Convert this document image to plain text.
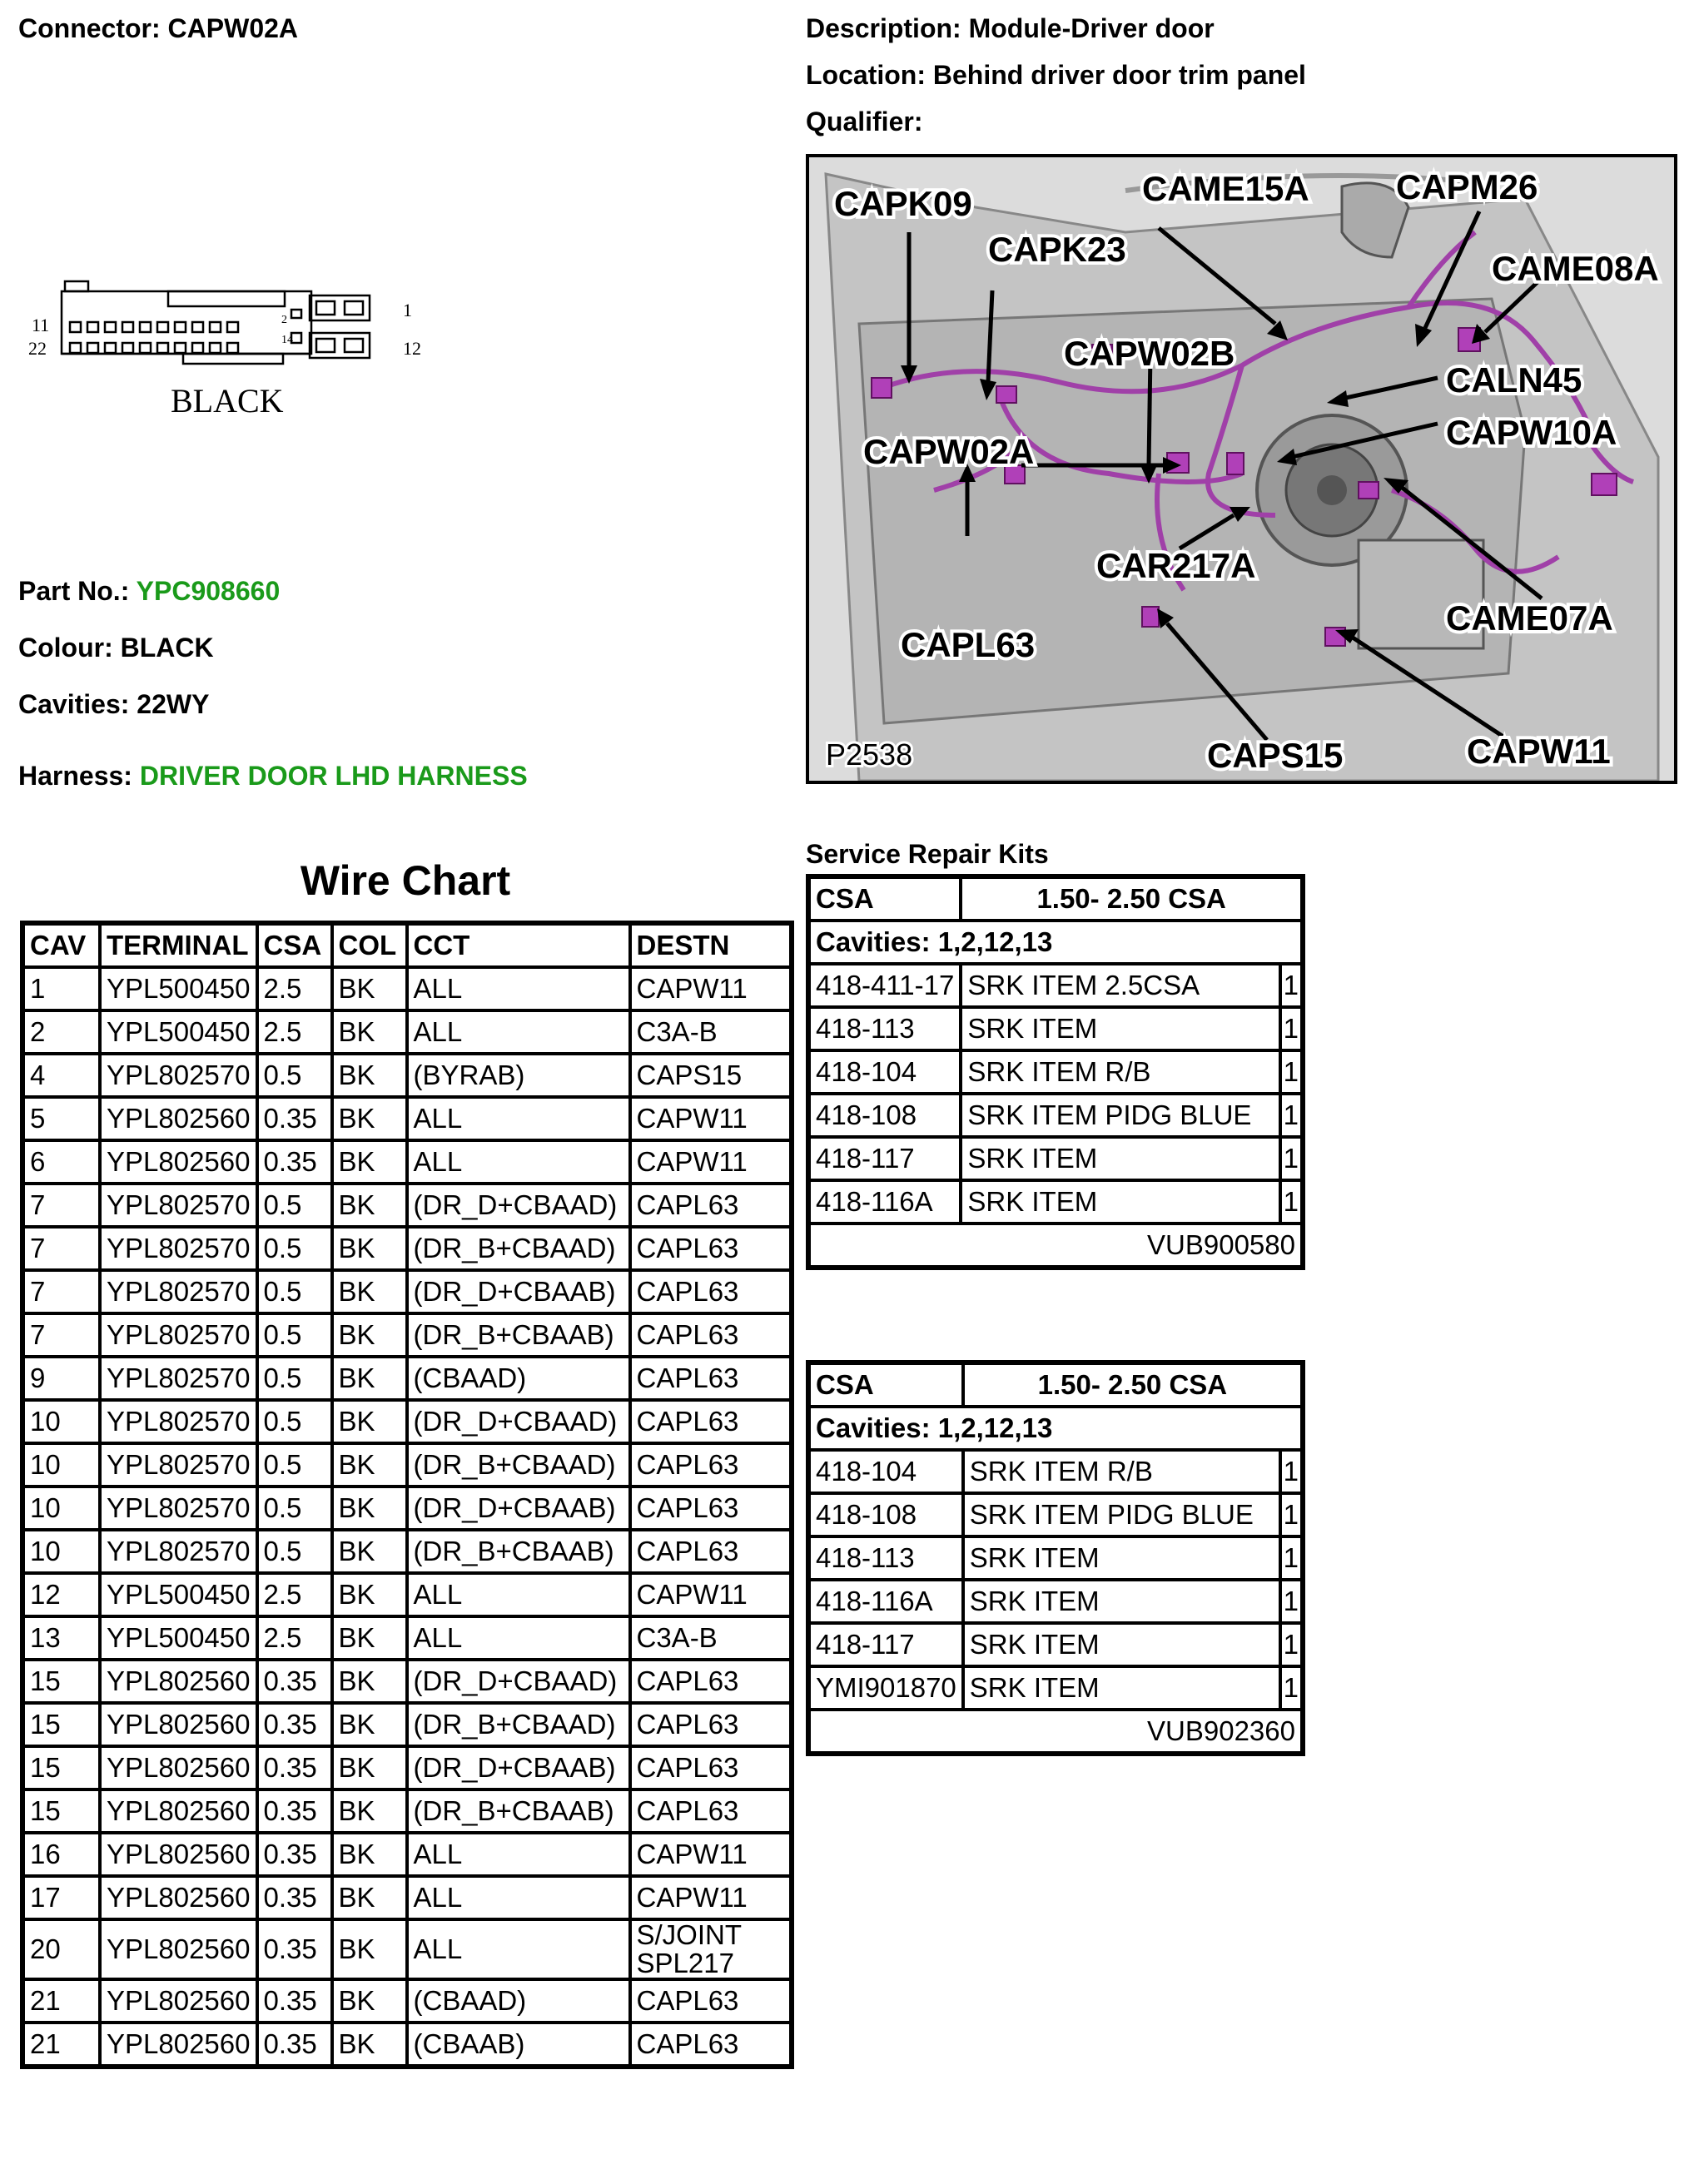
Connector: CAPW02A	Description: Module-Driver door
Location: Behind driver door trim panel
Qualifier:
11
22
1
12
2
14
BLACK
Part No.: YPC908660
Colour: BLACK
Cavities: 22WY
Harness: DRIVER DOOR LHD HARNESS
CAPK09
CAPK23
CAME15A CAPM26
CAME08A
CAPW02B
CALN45
CAPW02A	CAPW10A
CAR217A
CAME07A
CAPL63
CAPS15	CAPW11
P2538
Wire Chart
CAV	TERMINAL	CSA	COL	CCT	DESTN
1	YPL500450	2.5	BK	ALL	CAPW11
2	YPL500450	2.5	BK	ALL	C3A-B
4	YPL802570	0.5	BK	(BYRAB)	CAPS15
5	YPL802560	0.35	BK	ALL	CAPW11
6	YPL802560	0.35	BK	ALL	CAPW11
7	YPL802570	0.5	BK	(DR_D+CBAAD)	CAPL63
7	YPL802570	0.5	BK	(DR_B+CBAAD)	CAPL63
7	YPL802570	0.5	BK	(DR_D+CBAAB)	CAPL63
7	YPL802570	0.5	BK	(DR_B+CBAAB)	CAPL63
9	YPL802570	0.5	BK	(CBAAD)	CAPL63
10	YPL802570	0.5	BK	(DR_D+CBAAD)	CAPL63
10	YPL802570	0.5	BK	(DR_B+CBAAD)	CAPL63
10	YPL802570	0.5	BK	(DR_D+CBAAB)	CAPL63
10	YPL802570	0.5	BK	(DR_B+CBAAB)	CAPL63
12	YPL500450	2.5	BK	ALL	CAPW11
13	YPL500450	2.5	BK	ALL	C3A-B
15	YPL802560	0.35	BK	(DR_D+CBAAD)	CAPL63
15	YPL802560	0.35	BK	(DR_B+CBAAD)	CAPL63
15	YPL802560	0.35	BK	(DR_D+CBAAB)	CAPL63
15	YPL802560	0.35	BK	(DR_B+CBAAB)	CAPL63
16	YPL802560	0.35	BK	ALL	CAPW11
17	YPL802560	0.35	BK	ALL	CAPW11
20	YPL802560	0.35	BK	ALL	S/JOINT SPL217
21	YPL802560	0.35	BK	(CBAAD)	CAPL63
21	YPL802560	0.35	BK	(CBAAB)	CAPL63
Service Repair Kits
CSA	1.50- 2.50 CSA	
Cavities: 1,2,12,13		
418-411-17	SRK ITEM 2.5CSA	1
418-113	SRK ITEM	1
418-104	SRK ITEM R/B	1
418-108	SRK ITEM PIDG BLUE	1
418-117	SRK ITEM	1
418-116A	SRK ITEM	1
VUB900580		
CSA	1.50- 2.50 CSA	
Cavities: 1,2,12,13		
418-104	SRK ITEM R/B	1
418-108	SRK ITEM PIDG BLUE	1
418-113	SRK ITEM	1
418-116A	SRK ITEM	1
418-117	SRK ITEM	1
YMI901870	SRK ITEM	1
VUB902360		
